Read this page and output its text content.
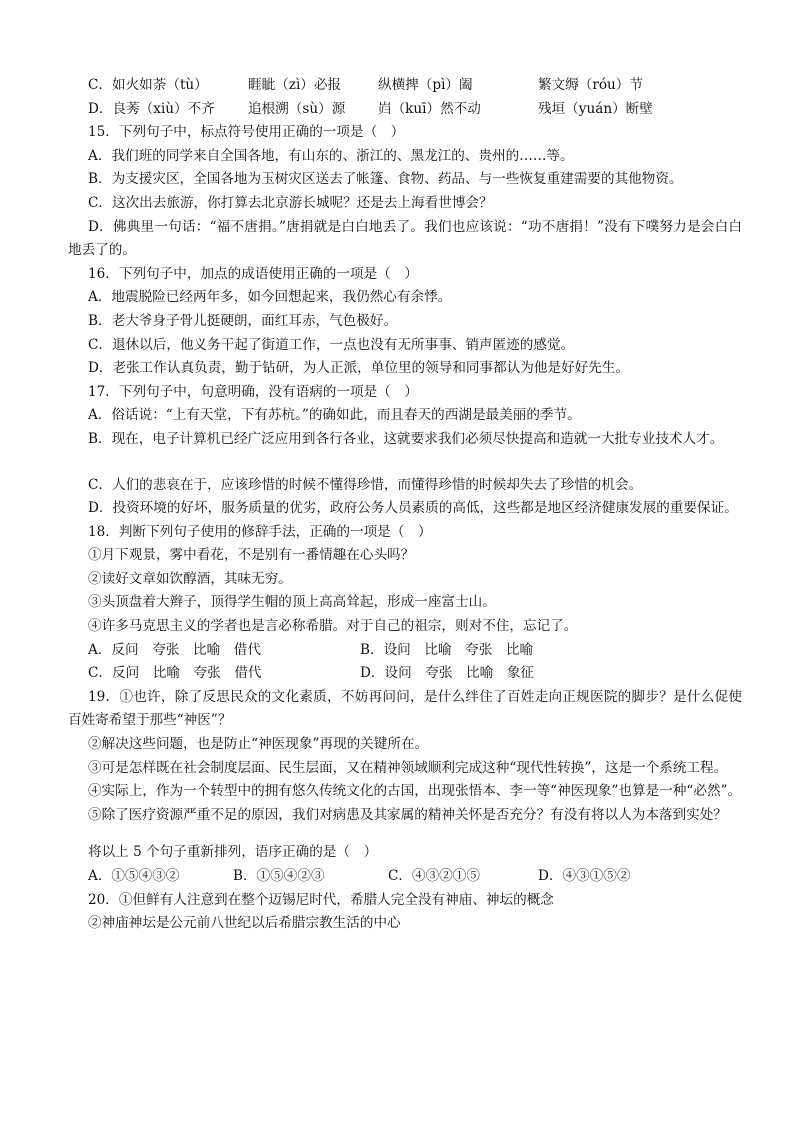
C．如火如荼（tù）	睚眦（zì）必报	纵横捭（pì）阖	繁文缛（róu）节
D．良莠（xiù）不齐	追根溯（sù）源	岿（kuī）然不动	残垣（yuán）断壁
15．下列句子中，标点符号使用正确的一项是（　）
A．我们班的同学来自全国各地，有山东的、浙江的、黑龙江的、贵州的……等。
B．为支援灾区，全国各地为玉树灾区送去了帐篷、食物、药品、与一些恢复重建需要的其他物资。
C．这次出去旅游，你打算去北京游长城呢？还是去上海看世博会？
D．佛典里一句话：“福不唐捐。”唐捐就是白白地丢了。我们也应该说：“功不唐捐！”没有下噗努力是会白白地丢了的。
16．下列句子中，加点的成语使用正确的一项是（　）
A．地震脱险已经两年多，如今回想起来，我仍然心有余悸。
B．老大爷身子骨儿挺硬朗，面红耳赤，气色极好。
C．退休以后，他义务干起了街道工作，一点也没有无所事事、销声匿迹的感觉。
D．老张工作认真负责，勤于钻研，为人正派，单位里的领导和同事都认为他是好好先生。
17．下列句子中，句意明确，没有语病的一项是（　）
A．俗话说：“上有天堂，下有苏杭。”的确如此，而且春天的西湖是最美丽的季节。
B．现在，电子计算机已经广泛应用到各行各业，这就要求我们必须尽快提高和造就一大批专业技术人才。
C．人们的悲哀在于，应该珍惜的时候不懂得珍惜，而懂得珍惜的时候却失去了珍惜的机会。
D．投资环境的好坏，服务质量的优劣，政府公务人员素质的高低，这些都是地区经济健康发展的重要保证。
18．判断下列句子使用的修辞手法，正确的一项是（　）
①月下观景，雾中看花，不是别有一番情趣在心头吗？
②读好文章如饮醇酒，其味无穷。
③头顶盘着大辫子，顶得学生帽的顶上高高耸起，形成一座富士山。
④许多马克思主义的学者也是言必称希腊。对于自己的祖宗，则对不住，忘记了。
A．反问　夸张　比喻　借代	B．设问　比喻　夸张　比喻
C．反问　比喻　夸张　借代	D．设问　夸张　比喻　象征
19．①也许，除了反思民众的文化素质，不妨再问问，是什么绊住了百姓走向正规医院的脚步？是什么促使百姓寄希望于那些“神医”？
②解决这些问题，也是防止“神医现象”再现的关键所在。
③可是怎样既在社会制度层面、民生层面，又在精神领域顺利完成这种“现代性转换”，这是一个系统工程。
④实际上，作为一个转型中的拥有悠久传统文化的古国，出现张悟本、李一等“神医现象”也算是一种“必然”。
⑤除了医疗资源严重不足的原因，我们对病患及其家属的精神关怀是否充分？有没有将以人为本落到实处？
将以上 5 个句子重新排列，语序正确的是（　）
A．①⑤④③②	B．①⑤④②③	C．④③②①⑤	D．④③①⑤②
20．①但鲜有人注意到在整个迈锡尼时代，希腊人完全没有神庙、神坛的概念
②神庙神坛是公元前八世纪以后希腊宗教生活的中心
